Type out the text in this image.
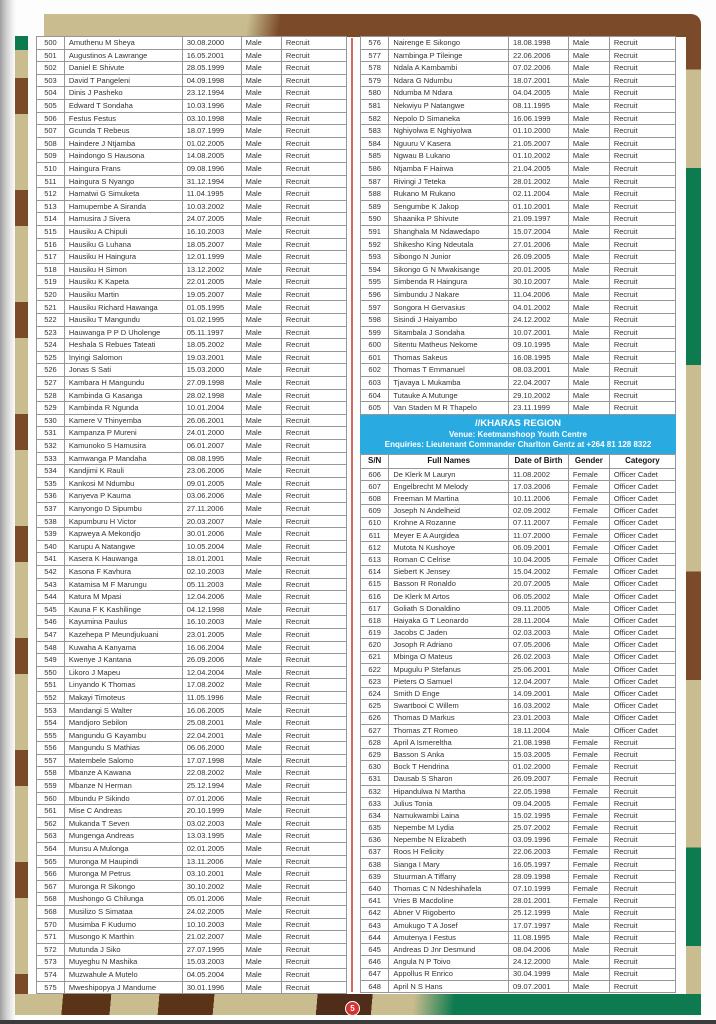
500	Amuthenu M Sheya	30.08.2000	Male	Recruit
501	Augustinos A Lawrange	16.05.2001	Male	Recruit
502	Daniel E Shivute	28.05.1999	Male	Recruit
503	David T Pangeleni	04.09.1998	Male	Recruit
504	Dinis J Pasheko	23.12.1994	Male	Recruit
505	Edward T Sondaha	10.03.1996	Male	Recruit
506	Festus Festus	03.10.1998	Male	Recruit
507	Gcunda T Rebeus	18.07.1999	Male	Recruit
508	Haindere J Ntjamba	01.02.2005	Male	Recruit
509	Haindongo S Hausona	14.08.2005	Male	Recruit
510	Haingura Frans	09.08.1996	Male	Recruit
511	Haingura S Nyango	31.12.1994	Male	Recruit
512	Hamatwi G Simuketa	11.04.1995	Male	Recruit
513	Hamupembe A Siranda	10.03.2002	Male	Recruit
514	Hamusira J Sivera	24.07.2005	Male	Recruit
515	Hausiku A Chipuli	16.10.2003	Male	Recruit
516	Hausiku G Luhana	18.05.2007	Male	Recruit
517	Hausiku H Haingura	12.01.1999	Male	Recruit
518	Hausiku H Simon	13.12.2002	Male	Recruit
519	Hausiku K Kapeta	22.01.2005	Male	Recruit
520	Hausiku Martin	19.05.2007	Male	Recruit
521	Hausiku Richard Hawanga	01.05.1995	Male	Recruit
522	Hausiku T Mangundu	01.02.1995	Male	Recruit
523	Hauwanga P P D Uholenge	05.11.1997	Male	Recruit
524	Heshala S Rebues Tateati	18.05.2002	Male	Recruit
525	Inyingi Salomon	19.03.2001	Male	Recruit
526	Jonas S Sati	15.03.2000	Male	Recruit
527	Kambara H Mangundu	27.09.1998	Male	Recruit
528	Kambinda G Kasanga	28.02.1998	Male	Recruit
529	Kambinda R Ngunda	10.01.2004	Male	Recruit
530	Kamere V Thinyemba	26.06.2001	Male	Recruit
531	Kampanza P Mureni	24.01.2000	Male	Recruit
532	Kamunoko S Hamusira	06.01.2007	Male	Recruit
533	Kamwanga P Mandaha	08.08.1995	Male	Recruit
534	Kandjimi K Rauli	23.06.2006	Male	Recruit
535	Kankosi M Ndumbu	09.01.2005	Male	Recruit
536	Kanyeva P Kauma	03.06.2006	Male	Recruit
537	Kanyongo D Sipumbu	27.11.2006	Male	Recruit
538	Kapumburu H Victor	20.03.2007	Male	Recruit
539	Kapweya A Mekondjo	30.01.2006	Male	Recruit
540	Karupu A Natangwe	10.05.2004	Male	Recruit
541	Kasera K Hauwanga	18.01.2001	Male	Recruit
542	Kasona F Kavhura	02.10.2003	Male	Recruit
543	Katamisa M F Marungu	05.11.2003	Male	Recruit
544	Katura M Mpasi	12.04.2006	Male	Recruit
545	Kauna F K Kashilinge	04.12.1998	Male	Recruit
546	Kayumina Paulus	16.10.2003	Male	Recruit
547	Kazehepa P Meundjukuani	23.01.2005	Male	Recruit
548	Kuwaha A Kanyama	16.06.2004	Male	Recruit
549	Kwenye J Kantana	26.09.2006	Male	Recruit
550	Likoro J Mapeu	12.04.2004	Male	Recruit
551	Linyando K Thomas	17.08.2002	Male	Recruit
552	Makayi Timoteus	11.05.1996	Male	Recruit
553	Mandangi S Walter	16.06.2005	Male	Recruit
554	Mandjoro Sebilon	25.08.2001	Male	Recruit
555	Mangundu G Kayambu	22.04.2001	Male	Recruit
556	Mangundu S Mathias	06.06.2000	Male	Recruit
557	Matembele Salomo	17.07.1998	Male	Recruit
558	Mbanze A Kawana	22.08.2002	Male	Recruit
559	Mbanze N Herman	25.12.1994	Male	Recruit
560	Mbundu P Sikindo	07.01.2006	Male	Recruit
561	Mise C Andreas	20.10.1999	Male	Recruit
562	Mukanda T Seven	03.02.2003	Male	Recruit
563	Mungenga Andreas	13.03.1995	Male	Recruit
564	Munsu A Mulonga	02.01.2005	Male	Recruit
565	Muronga M Haupindi	13.11.2006	Male	Recruit
566	Muronga M Petrus	03.10.2001	Male	Recruit
567	Muronga R Sikongo	30.10.2002	Male	Recruit
568	Mushongo G Chilunga	05.01.2006	Male	Recruit
568	Musilizo S Simataa	24.02.2005	Male	Recruit
570	Musimba F Kudumo	10.10.2003	Male	Recruit
571	Musongo K Marthin	21.02.2007	Male	Recruit
572	Mutunda J Siko	27.07.1995	Male	Recruit
573	Muyeghu N Mashika	15.03.2003	Male	Recruit
574	Muzwahule A Mutelo	04.05.2004	Male	Recruit
575	Mweshipopya J Mandume	30.01.1996	Male	Recruit
576	Nairenge E Sikongo	18.08.1998	Male	Recruit
577	Nambinga P Tileinge	22.06.2006	Male	Recruit
578	Ndala A Kambambi	07.02.2006	Male	Recruit
579	Ndara G Ndumbu	18.07.2001	Male	Recruit
580	Ndumba M Ndara	04.04.2005	Male	Recruit
581	Nekwiyu P Natangwe	08.11.1995	Male	Recruit
582	Nepolo D Simaneka	16.06.1999	Male	Recruit
583	Nghiyolwa E Nghiyolwa	01.10.2000	Male	Recruit
584	Nguuru V Kasera	21.05.2007	Male	Recruit
585	Ngwau B Lukano	01.10.2002	Male	Recruit
586	Ntjamba F Hairwa	21.04.2005	Male	Recruit
587	Rivingi J Teteka	28.01.2002	Male	Recruit
588	Rukano M Rukano	02.11.2004	Male	Recruit
589	Sengumbe K Jakop	01.10.2001	Male	Recruit
590	Shaanika P Shivute	21.09.1997	Male	Recruit
591	Shanghala M Ndawedapo	15.07.2004	Male	Recruit
592	Shikesho King Ndeutala	27.01.2006	Male	Recruit
593	Sibongo N Junior	26.09.2005	Male	Recruit
594	Sikongo G N Mwakisange	20.01.2005	Male	Recruit
595	Simbenda R Haingura	30.10.2007	Male	Recruit
596	Simbundu J Nakare	11.04.2006	Male	Recruit
597	Songora H Gervasius	04.01.2002	Male	Recruit
598	Sisindi J Haiyambo	24.12.2002	Male	Recruit
599	Sitambala J Sondaha	10.07.2001	Male	Recruit
600	Sitentu Matheus Nekome	09.10.1995	Male	Recruit
601	Thomas Sakeus	16.08.1995	Male	Recruit
602	Thomas T Emmanuel	08.03.2001	Male	Recruit
603	Tjavaya L Mukamba	22.04.2007	Male	Recruit
604	Tutauke A Mutunge	29.10.2002	Male	Recruit
605	Van Staden M R Thapelo	23.11.1999	Male	Recruit
//KHARAS REGION
Venue: Keetmanshoop Youth Centre
Enquiries: Lieutenant Commander Charlton Gentz at +264 81 128 8322
S/N	Full Names	Date of Birth	Gender	Category
606	De Klerk M Lauryn	11.08.2002	Female	Officer Cadet
607	Engelbrecht M Melody	17.03.2006	Female	Officer Cadet
608	Freeman M Martina	10.11.2006	Female	Officer Cadet
609	Joseph N Andelheid	02.09.2002	Female	Officer Cadet
610	Krohne A Rozanne	07.11.2007	Female	Officer Cadet
611	Meyer E A Aurgidea	11.07.2000	Female	Officer Cadet
612	Mutota N Kushoye	06.09.2001	Female	Officer Cadet
613	Roman C Celrise	10.04.2005	Female	Officer Cadet
614	Siebert K Jensey	15.04.2002	Female	Officer Cadet
615	Basson R Ronaldo	20.07.2005	Male	Officer Cadet
616	De Klerk M Artos	06.05.2002	Male	Officer Cadet
617	Goliath S Donaldino	09.11.2005	Male	Officer Cadet
618	Haiyaka G T Leonardo	28.11.2004	Male	Officer Cadet
619	Jacobs C Jaden	02.03.2003	Male	Officer Cadet
620	Josoph R Adriano	07.05.2006	Male	Officer Cadet
621	Mbinga O Mateus	26.02.2003	Male	Officer Cadet
622	Mpugulu P Stefanus	25.06.2001	Male	Officer Cadet
623	Pieters O Samuel	12.04.2007	Male	Officer Cadet
624	Smith D Enge	14.09.2001	Male	Officer Cadet
625	Swartbooi C Willem	16.03.2002	Male	Officer Cadet
626	Thomas D Markus	23.01.2003	Male	Officer Cadet
627	Thomas ZT Romeo	18.11.2004	Male	Officer Cadet
628	April A Ismereltha	21.08.1998	Female	Recruit
629	Basson S Anka	15.03.2005	Female	Recruit
630	Bock T Hendrina	01.02.2000	Female	Recruit
631	Dausab S Sharon	26.09.2007	Female	Recruit
632	Hipandulwa N Martha	22.05.1998	Female	Recruit
633	Julius Tonia	09.04.2005	Female	Recruit
634	Namukwambi Laina	15.02.1995	Female	Recruit
635	Nepembe M Lydia	25.07.2002	Female	Recruit
636	Nepembe N Elizabeth	03.09.1996	Female	Recruit
637	Roos H Felicity	22.06.2003	Female	Recruit
638	Sianga I Mary	16.05.1997	Female	Recruit
639	Stuurman A Tiffany	28.09.1998	Female	Recruit
640	Thomas C N Ndeshihafela	07.10.1999	Female	Recruit
641	Vries B Macdoline	28.01.2001	Female	Recruit
642	Abner V Rigoberto	25.12.1999	Male	Recruit
643	Amukugo T A Josef	17.07.1997	Male	Recruit
644	Amutenya I Festus	11.08.1995	Male	Recruit
645	Andreas D Jnr Desmund	08.04.2006	Male	Recruit
646	Angula N P Toivo	24.12.2000	Male	Recruit
647	Appollus R Enrico	30.04.1999	Male	Recruit
648	April N S Hans	09.07.2001	Male	Recruit
5
